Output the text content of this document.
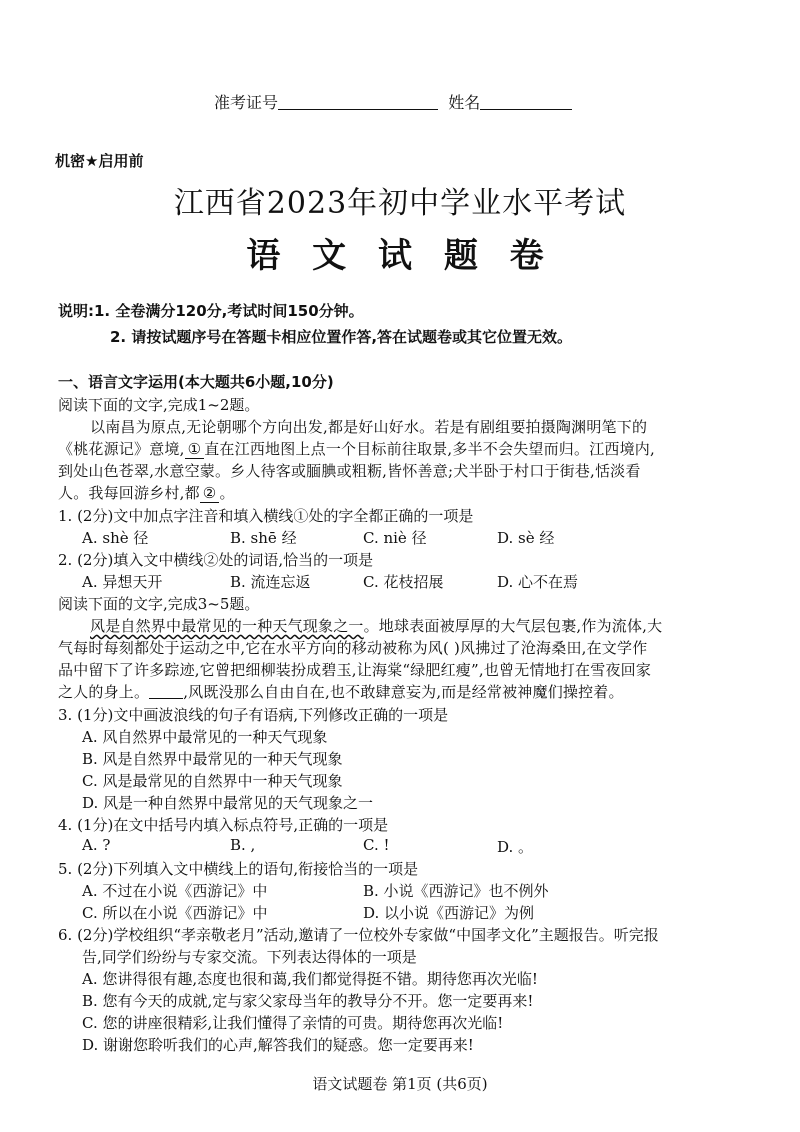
准考证号	姓名
机密★启用前
江西省2023年初中学业水平考试
语 文 试 题 卷
说明:1. 全卷满分120分,考试时间150分钟。
2. 请按试题序号在答题卡相应位置作答,答在试题卷或其它位置无效。
一、语言文字运用(本大题共6小题,10分)
阅读下面的文字,完成1~2题。
以南昌为原点,无论朝哪个方向出发,都是好山好水。若是有剧组要拍摄陶渊明笔下的
《桃花源记》意境, ① 直在江西地图上点一个目标前往取景,多半不会失望而归。江西境内,
到处山色苍翠,水意空蒙。乡人待客或腼腆或粗粝,皆怀善意;犬半卧于村口于街巷,恬淡看
人。我每回游乡村,都 ② 。
1. (2分)文中加点字注音和填入横线①处的字全都正确的一项是
A. shè 径	B. shē 经	C. niè 径	D. sè 经
2. (2分)填入文中横线②处的词语,恰当的一项是
A. 异想天开	B. 流连忘返	C. 花枝招展	D. 心不在焉
阅读下面的文字,完成3~5题。
风是自然界中最常见的一种天气现象之一。地球表面被厚厚的大气层包裹,作为流体,大
气每时每刻都处于运动之中,它在水平方向的移动被称为风( )风拂过了沧海桑田,在文学作
品中留下了许多踪迹,它曾把细柳装扮成碧玉,让海棠“绿肥红瘦”,也曾无情地打在雪夜回家
之人的身上。 ,风既没那么自由自在,也不敢肆意妄为,而是经常被神魔们操控着。
3. (1分)文中画波浪线的句子有语病,下列修改正确的一项是
A. 风自然界中最常见的一种天气现象
B. 风是自然界中最常见的一种天气现象
C. 风是最常见的自然界中一种天气现象
D. 风是一种自然界中最常见的天气现象之一
4. (1分)在文中括号内填入标点符号,正确的一项是
A. ?	B. ,	C. !	D. 。
5. (2分)下列填入文中横线上的语句,衔接恰当的一项是
A. 不过在小说《西游记》中	B. 小说《西游记》也不例外
C. 所以在小说《西游记》中	D. 以小说《西游记》为例
6. (2分)学校组织“孝亲敬老月”活动,邀请了一位校外专家做“中国孝文化”主题报告。听完报
告,同学们纷纷与专家交流。下列表达得体的一项是
A. 您讲得很有趣,态度也很和蔼,我们都觉得挺不错。期待您再次光临!
B. 您有今天的成就,定与家父家母当年的教导分不开。您一定要再来!
C. 您的讲座很精彩,让我们懂得了亲情的可贵。期待您再次光临!
D. 谢谢您聆听我们的心声,解答我们的疑惑。您一定要再来!
语文试题卷 第1页 (共6页)
